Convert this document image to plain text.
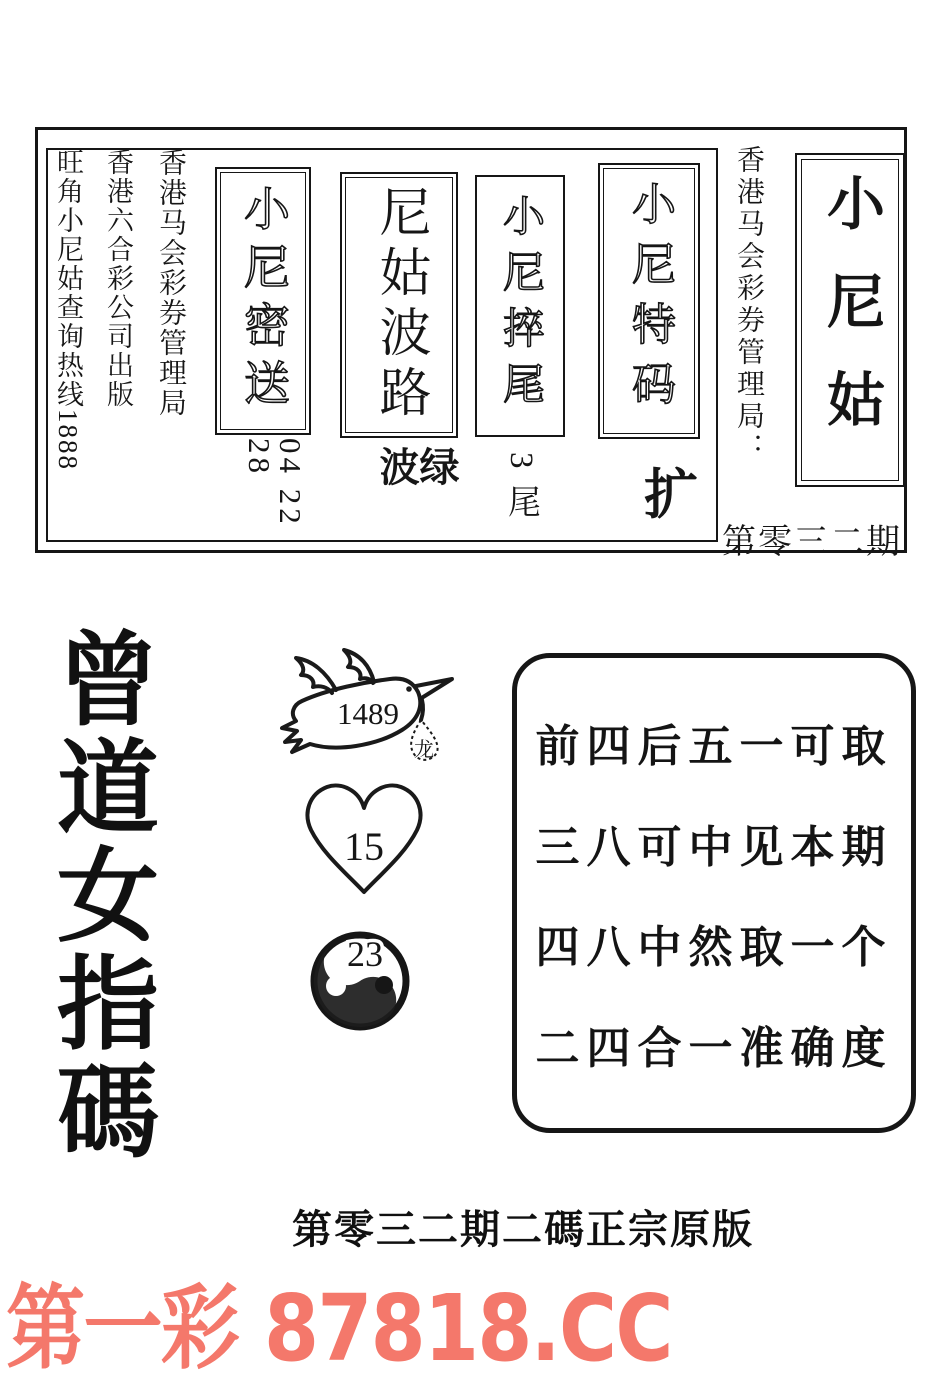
旺角小尼姑查询热线1888 香港六合彩公司出版 香港马会彩券管理局 小尼密送
04 22 28
尼姑波路
绿波
小尼捽尾
3尾
小尼特码
扩
香港马会彩券管理局： 小尼姑
第零三二期
曾道女指碼	龙
1489
15
23
前四后五一可取
三八可中见本期
四八中然取一个
二四合一准确度
第零三二期二碼正宗原版
第一彩 87818.CC
